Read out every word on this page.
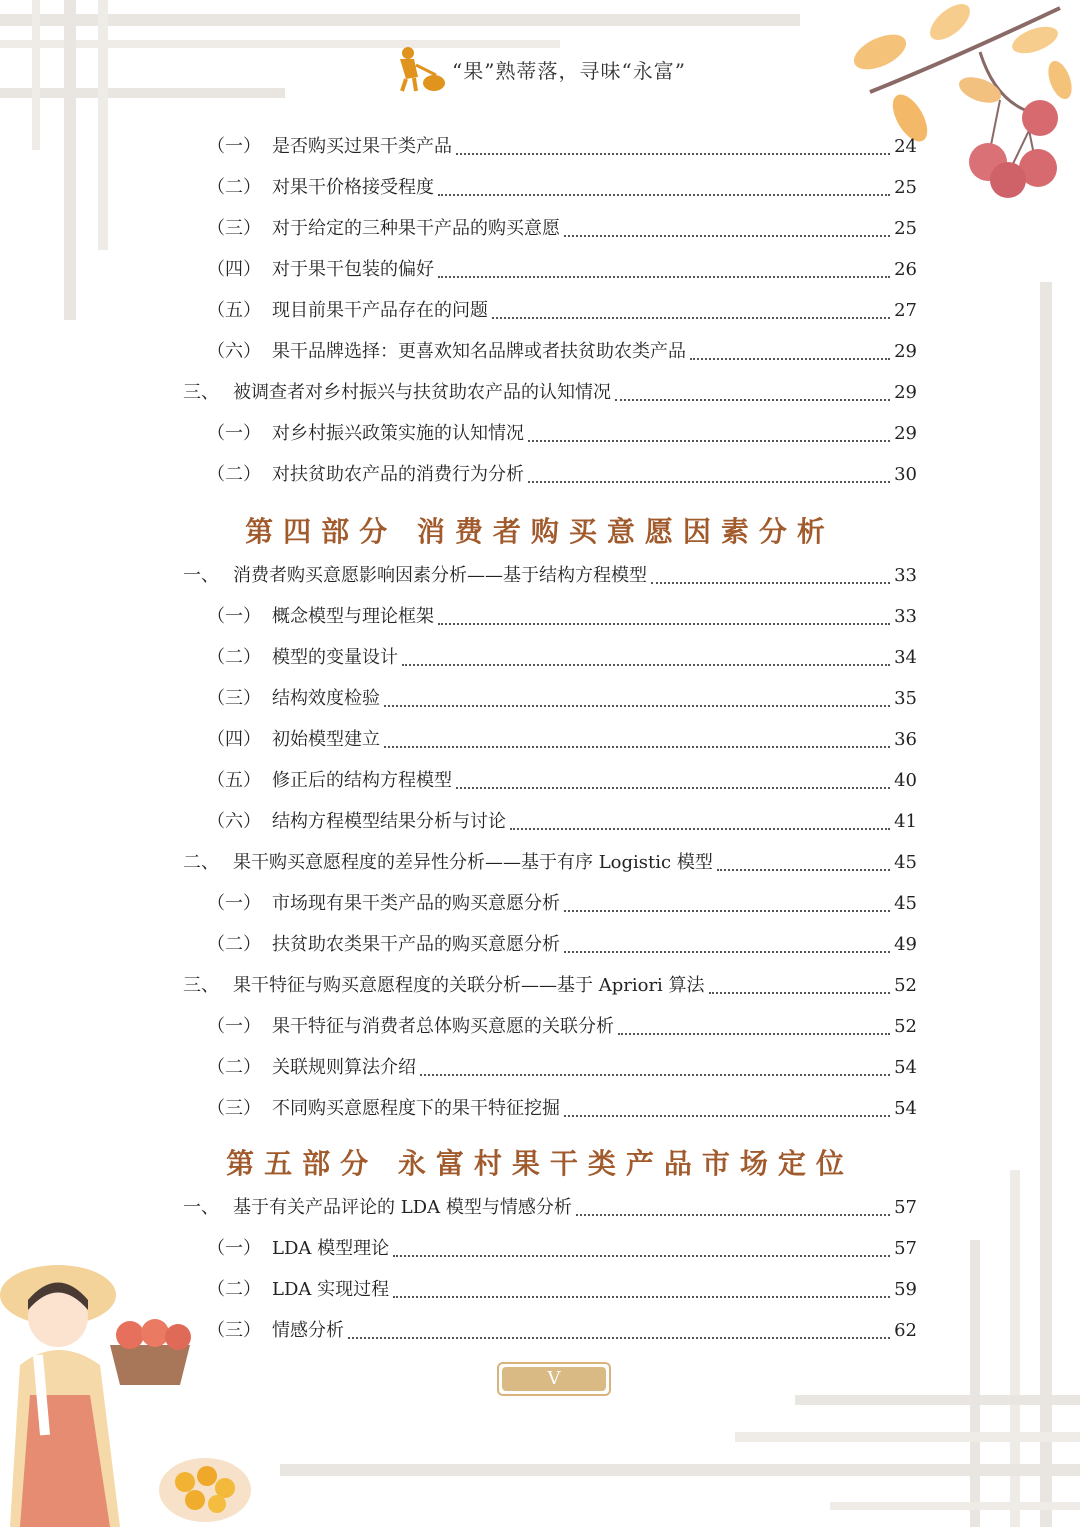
“果”熟蒂落，寻味“永富”
（一） 是否购买过果干类产品	24
（二） 对果干价格接受程度	25
（三） 对于给定的三种果干产品的购买意愿	25
（四） 对于果干包装的偏好	26
（五） 现目前果干产品存在的问题	27
（六） 果干品牌选择：更喜欢知名品牌或者扶贫助农类产品	29
三、 被调查者对乡村振兴与扶贫助农产品的认知情况	29
（一） 对乡村振兴政策实施的认知情况	29
（二） 对扶贫助农产品的消费行为分析	30
一、 消费者购买意愿影响因素分析——基于结构方程模型	33
（一） 概念模型与理论框架	33
（二） 模型的变量设计	34
（三） 结构效度检验	35
（四） 初始模型建立	36
（五） 修正后的结构方程模型	40
（六） 结构方程模型结果分析与讨论	41
二、 果干购买意愿程度的差异性分析——基于有序 Logistic 模型	45
（一） 市场现有果干类产品的购买意愿分析	45
（二） 扶贫助农类果干产品的购买意愿分析	49
三、 果干特征与购买意愿程度的关联分析——基于 Apriori 算法	52
（一） 果干特征与消费者总体购买意愿的关联分析	52
（二） 关联规则算法介绍	54
（三） 不同购买意愿程度下的果干特征挖掘	54
一、 基于有关产品评论的 LDA 模型与情感分析	57
（一） LDA 模型理论	57
（二） LDA 实现过程	59
（三） 情感分析	62
第四部分 消费者购买意愿因素分析
第五部分 永富村果干类产品市场定位
V
